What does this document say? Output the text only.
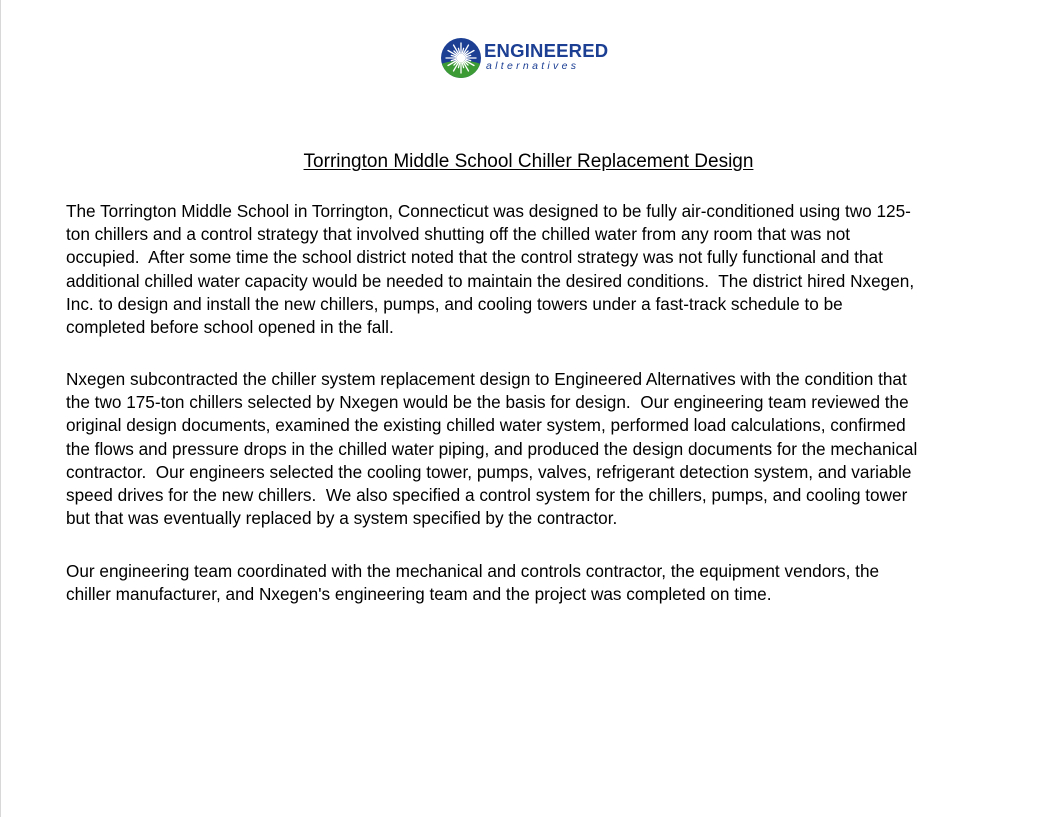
ENGINEERED
alternatives
Torrington Middle School Chiller Replacement Design
The Torrington Middle School in Torrington, Connecticut was designed to be fully air-conditioned using two 125-
ton chillers and a control strategy that involved shutting off the chilled water from any room that was not
occupied.  After some time the school district noted that the control strategy was not fully functional and that
additional chilled water capacity would be needed to maintain the desired conditions.  The district hired Nxegen,
Inc. to design and install the new chillers, pumps, and cooling towers under a fast-track schedule to be
completed before school opened in the fall.
Nxegen subcontracted the chiller system replacement design to Engineered Alternatives with the condition that
the two 175-ton chillers selected by Nxegen would be the basis for design.  Our engineering team reviewed the
original design documents, examined the existing chilled water system, performed load calculations, confirmed
the flows and pressure drops in the chilled water piping, and produced the design documents for the mechanical
contractor.  Our engineers selected the cooling tower, pumps, valves, refrigerant detection system, and variable
speed drives for the new chillers.  We also specified a control system for the chillers, pumps, and cooling tower
but that was eventually replaced by a system specified by the contractor.
Our engineering team coordinated with the mechanical and controls contractor, the equipment vendors, the
chiller manufacturer, and Nxegen's engineering team and the project was completed on time.
